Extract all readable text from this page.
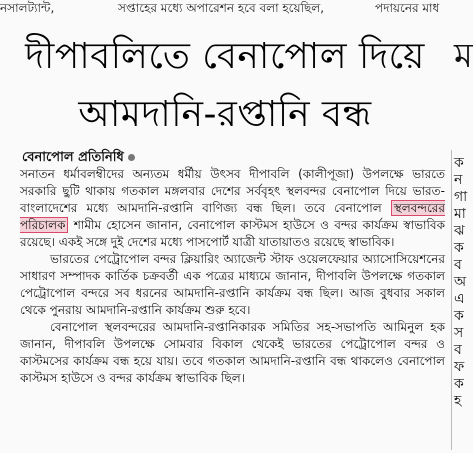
নসালট্যান্ট,	সপ্তাহের মধ্যে অপারেশন হবে বলা হয়েছিল,	পদায়নের মাধ
দীপাবলিতে বেনাপোল দিয়ে
আমদানি-রপ্তানি বন্ধ
ম
ক
ন
গা
মা
ঝ
ক
ব
অ
এ
ক
স
ব
ফ
ক
হ
বেনাপোল প্রতিনিধি

সনাতন ধর্মাবলম্বীদের অন্যতম ধর্মীয় উৎসব দীপাবলি (কালীপূজা) উপলক্ষে ভারতে সরকারি ছুটি থাকায় গতকাল মঙ্গলবার দেশের সর্ববৃহৎ স্থলবন্দর বেনাপোল দিয়ে ভারত-বাংলাদেশের মধ্যে আমদানি-রপ্তানি বাণিজ্য বন্ধ ছিল। তবে বেনাপোল স্থলবন্দরের পরিচালক শামীম হোসেন জানান, বেনাপোল কাস্টমস হাউসে ও বন্দর কার্যক্রম স্বাভাবিক রয়েছে। একই সঙ্গে দুই দেশের মধ্যে পাসপোর্ট যাত্রী যাতায়াতও রয়েছে স্বাভাবিক।

ভারতের পেট্রোপোল বন্দর ক্লিয়ারিং অ্যাজেন্ট স্টাফ ওয়েলফেয়ার অ্যাসোসিয়েশনের সাধারণ সম্পাদক কার্তিক চক্রবর্তী এক পত্রের মাধ্যমে জানান, দীপাবলি উপলক্ষে গতকাল পেট্রোপোল বন্দরে সব ধরনের আমদানি-রপ্তানি কার্যক্রম বন্ধ ছিল। আজ বুধবার সকাল থেকে পুনরায় আমদানি-রপ্তানি কার্যক্রম শুরু হবে।

বেনাপোল স্থলবন্দরের আমদানি-রপ্তানিকারক সমিতির সহ-সভাপতি আমিনুল হক জানান, দীপাবলি উপলক্ষে সোমবার বিকাল থেকেই ভারতের পেট্রোপোল বন্দর ও কাস্টমসের কার্যক্রম বন্ধ হয়ে যায়। তবে গতকাল আমদানি-রপ্তানি বন্ধ থাকলেও বেনাপোল কাস্টমস হাউসে ও বন্দর কার্যক্রম স্বাভাবিক ছিল।
